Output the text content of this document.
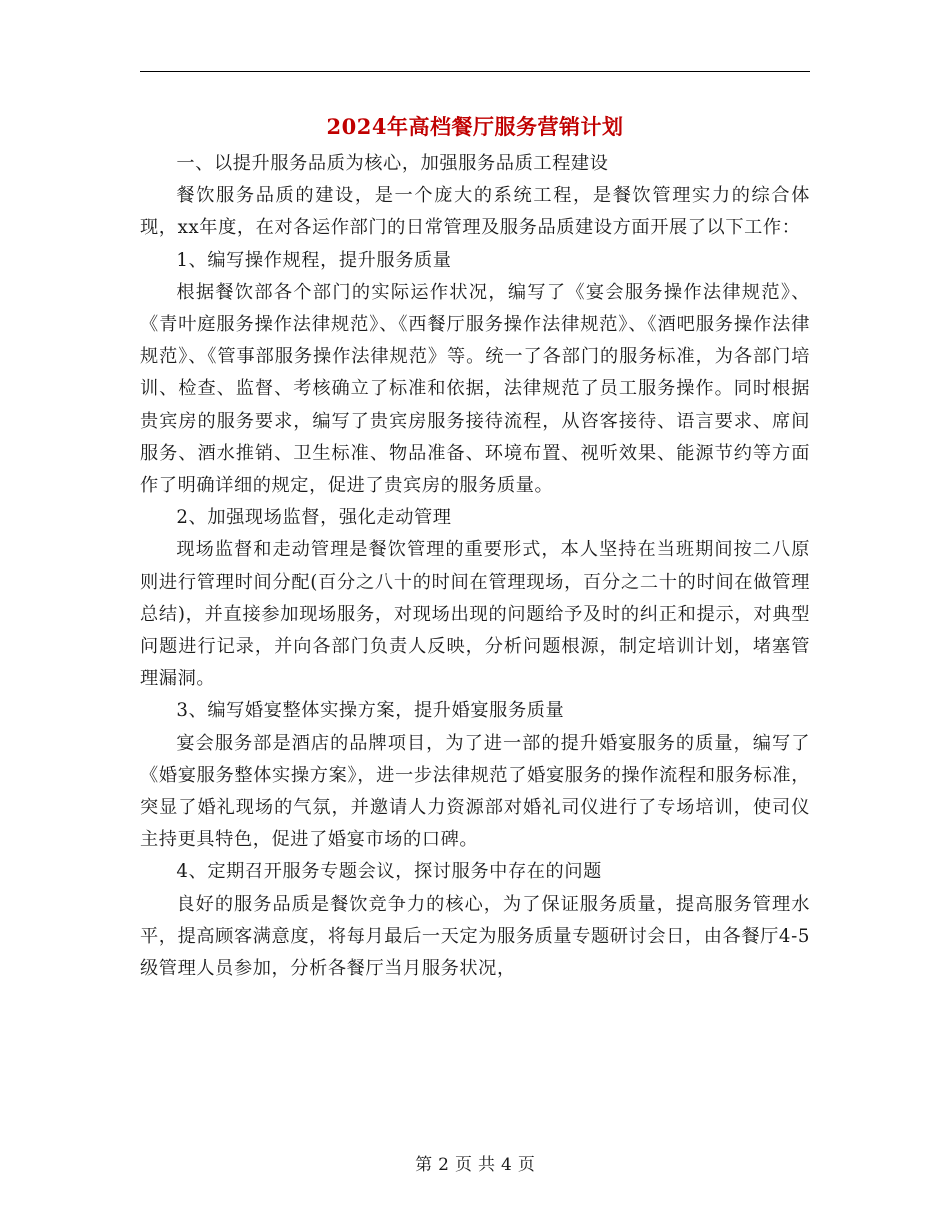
2024年高档餐厅服务营销计划

一、以提升服务品质为核心，加强服务品质工程建设

餐饮服务品质的建设，是一个庞大的系统工程，是餐饮管理实力的综合体现，xx年度，在对各运作部门的日常管理及服务品质建设方面开展了以下工作：

1、编写操作规程，提升服务质量

根据餐饮部各个部门的实际运作状况，编写了《宴会服务操作法律规范》、《青叶庭服务操作法律规范》、《西餐厅服务操作法律规范》、《酒吧服务操作法律规范》、《管事部服务操作法律规范》等。统一了各部门的服务标准，为各部门培训、检查、监督、考核确立了标准和依据，法律规范了员工服务操作。同时根据贵宾房的服务要求，编写了贵宾房服务接待流程，从咨客接待、语言要求、席间服务、酒水推销、卫生标准、物品准备、环境布置、视听效果、能源节约等方面作了明确详细的规定，促进了贵宾房的服务质量。

2、加强现场监督，强化走动管理

现场监督和走动管理是餐饮管理的重要形式，本人坚持在当班期间按二八原则进行管理时间分配(百分之八十的时间在管理现场，百分之二十的时间在做管理总结)，并直接参加现场服务，对现场出现的问题给予及时的纠正和提示，对典型问题进行记录，并向各部门负责人反映，分析问题根源，制定培训计划，堵塞管理漏洞。

3、编写婚宴整体实操方案，提升婚宴服务质量

宴会服务部是酒店的品牌项目，为了进一部的提升婚宴服务的质量，编写了《婚宴服务整体实操方案》，进一步法律规范了婚宴服务的操作流程和服务标准，突显了婚礼现场的气氛，并邀请人力资源部对婚礼司仪进行了专场培训，使司仪主持更具特色，促进了婚宴市场的口碑。

4、定期召开服务专题会议，探讨服务中存在的问题

良好的服务品质是餐饮竞争力的核心，为了保证服务质量，提高服务管理水平，提高顾客满意度，将每月最后一天定为服务质量专题研讨会日，由各餐厅4-5级管理人员参加，分析各餐厅当月服务状况，

第 2 页 共 4 页
